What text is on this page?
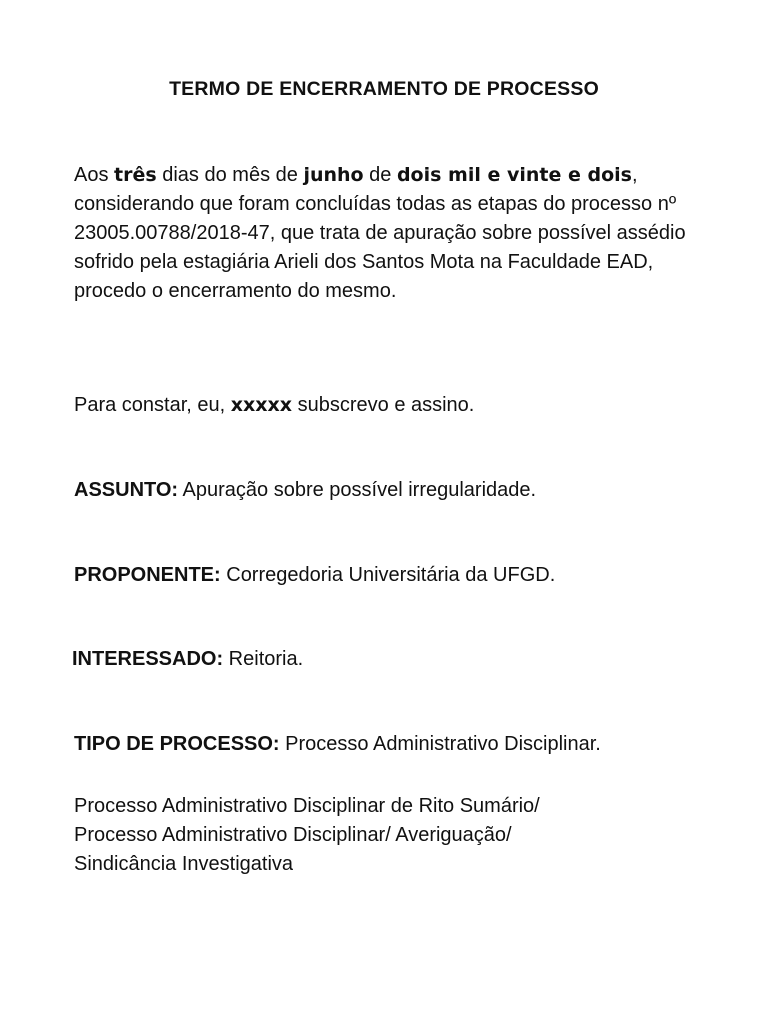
TERMO DE ENCERRAMENTO DE PROCESSO
Aos três dias do mês de junho de dois mil e vinte e dois, considerando que foram concluídas todas as etapas do processo nº 23005.00788/2018-47, que trata de apuração sobre possível assédio sofrido pela estagiária Arieli dos Santos Mota na Faculdade EAD, procedo o encerramento do mesmo.
Para constar, eu, xxxxx subscrevo e assino.
ASSUNTO: Apuração sobre possível irregularidade.
PROPONENTE: Corregedoria Universitária da UFGD.
INTERESSADO: Reitoria.
TIPO DE PROCESSO: Processo Administrativo Disciplinar.
Processo Administrativo Disciplinar de Rito Sumário/
Processo Administrativo Disciplinar/ Averiguação/
Sindicância Investigativa
